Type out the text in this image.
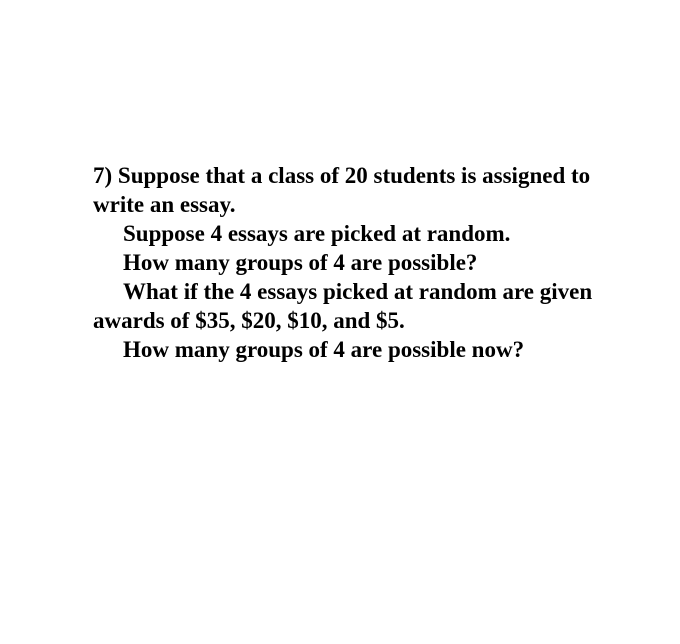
7) Suppose that a class of 20 students is assigned to
write an essay.
Suppose 4 essays are picked at random.
How many groups of 4 are possible?
What if the 4 essays picked at random are given
awards of $35, $20, $10, and $5.
How many groups of 4 are possible now?
